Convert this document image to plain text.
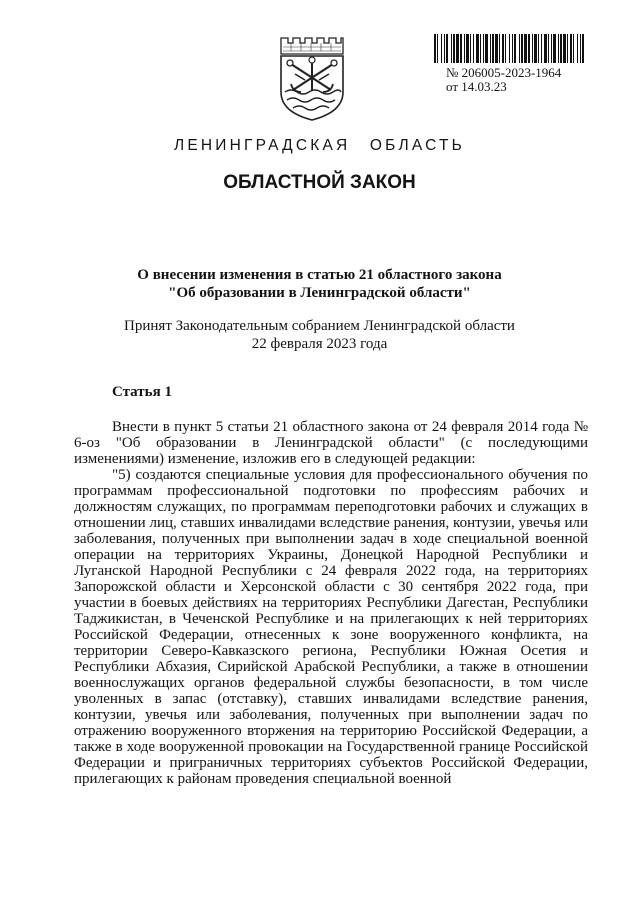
№ 206005-2023-1964
от 14.03.23
ЛЕНИНГРАДСКАЯ ОБЛАСТЬ
ОБЛАСТНОЙ ЗАКОН
О внесении изменения в статью 21 областного закона
"Об образовании в Ленинградской области"
Принят Законодательным собранием Ленинградской области
22 февраля 2023 года
Статья 1

Внести в пункт 5 статьи 21 областного закона от 24 февраля 2014 года № 6-оз "Об образовании в Ленинградской области" (с последующими изменениями) изменение, изложив его в следующей редакции:

"5) создаются специальные условия для профессионального обучения по программам профессиональной подготовки по профессиям рабочих и должностям служащих, по программам переподготовки рабочих и служащих в отношении лиц, ставших инвалидами вследствие ранения, контузии, увечья или заболевания, полученных при выполнении задач в ходе специальной военной операции на территориях Украины, Донецкой Народной Республики и Луганской Народной Республики с 24 февраля 2022 года, на территориях Запорожской области и Херсонской области с 30 сентября 2022 года, при участии в боевых действиях на территориях Республики Дагестан, Республики Таджикистан, в Чеченской Республике и на прилегающих к ней территориях Российской Федерации, отнесенных к зоне вооруженного конфликта, на территории Северо-Кавказского региона, Республики Южная Осетия и Республики Абхазия, Сирийской Арабской Республики, а также в отношении военнослужащих органов федеральной службы безопасности, в том числе уволенных в запас (отставку), ставших инвалидами вследствие ранения, контузии, увечья или заболевания, полученных при выполнении задач по отражению вооруженного вторжения на территорию Российской Федерации, а также в ходе вооруженной провокации на Государственной границе Российской Федерации и приграничных территориях субъектов Российской Федерации, прилегающих к районам проведения специальной военной
